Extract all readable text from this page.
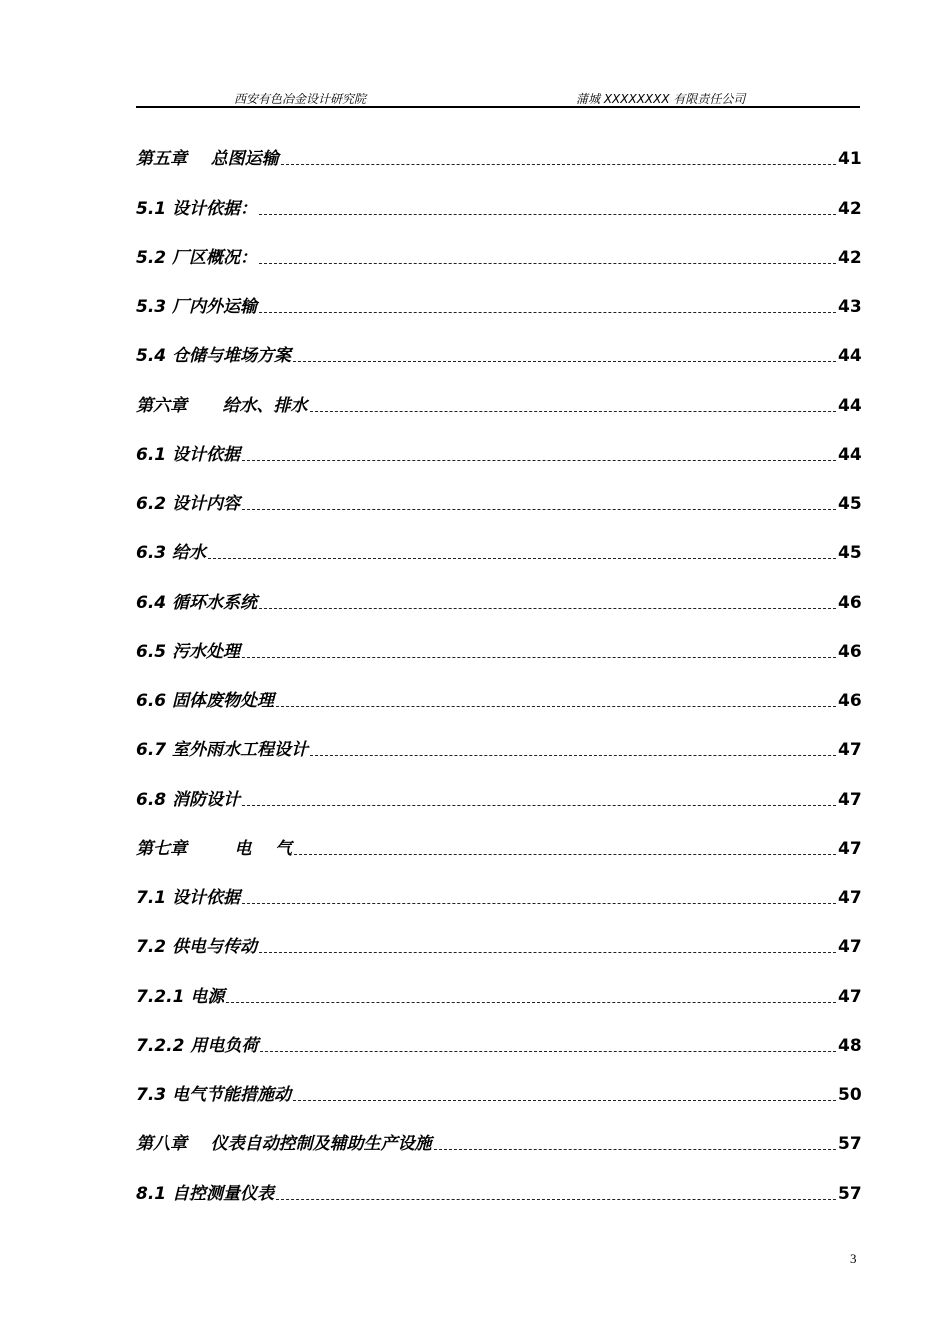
西安有色冶金设计研究院	蒲城 XXXXXXXX 有限责任公司
第五章    总图运输	41
5.1 设计依据：	42
5.2 厂区概况：	42
5.3 厂内外运输	43
5.4 仓储与堆场方案	44
第六章      给水、排水	44
6.1 设计依据	44
6.2 设计内容	45
6.3 给水	45
6.4 循环水系统	46
6.5 污水处理	46
6.6 固体废物处理	46
6.7 室外雨水工程设计	47
6.8 消防设计	47
第七章        电    气	47
7.1 设计依据	47
7.2 供电与传动	47
7.2.1 电源	47
7.2.2 用电负荷	48
7.3 电气节能措施动	50
第八章    仪表自动控制及辅助生产设施	57
8.1 自控测量仪表	57
3
